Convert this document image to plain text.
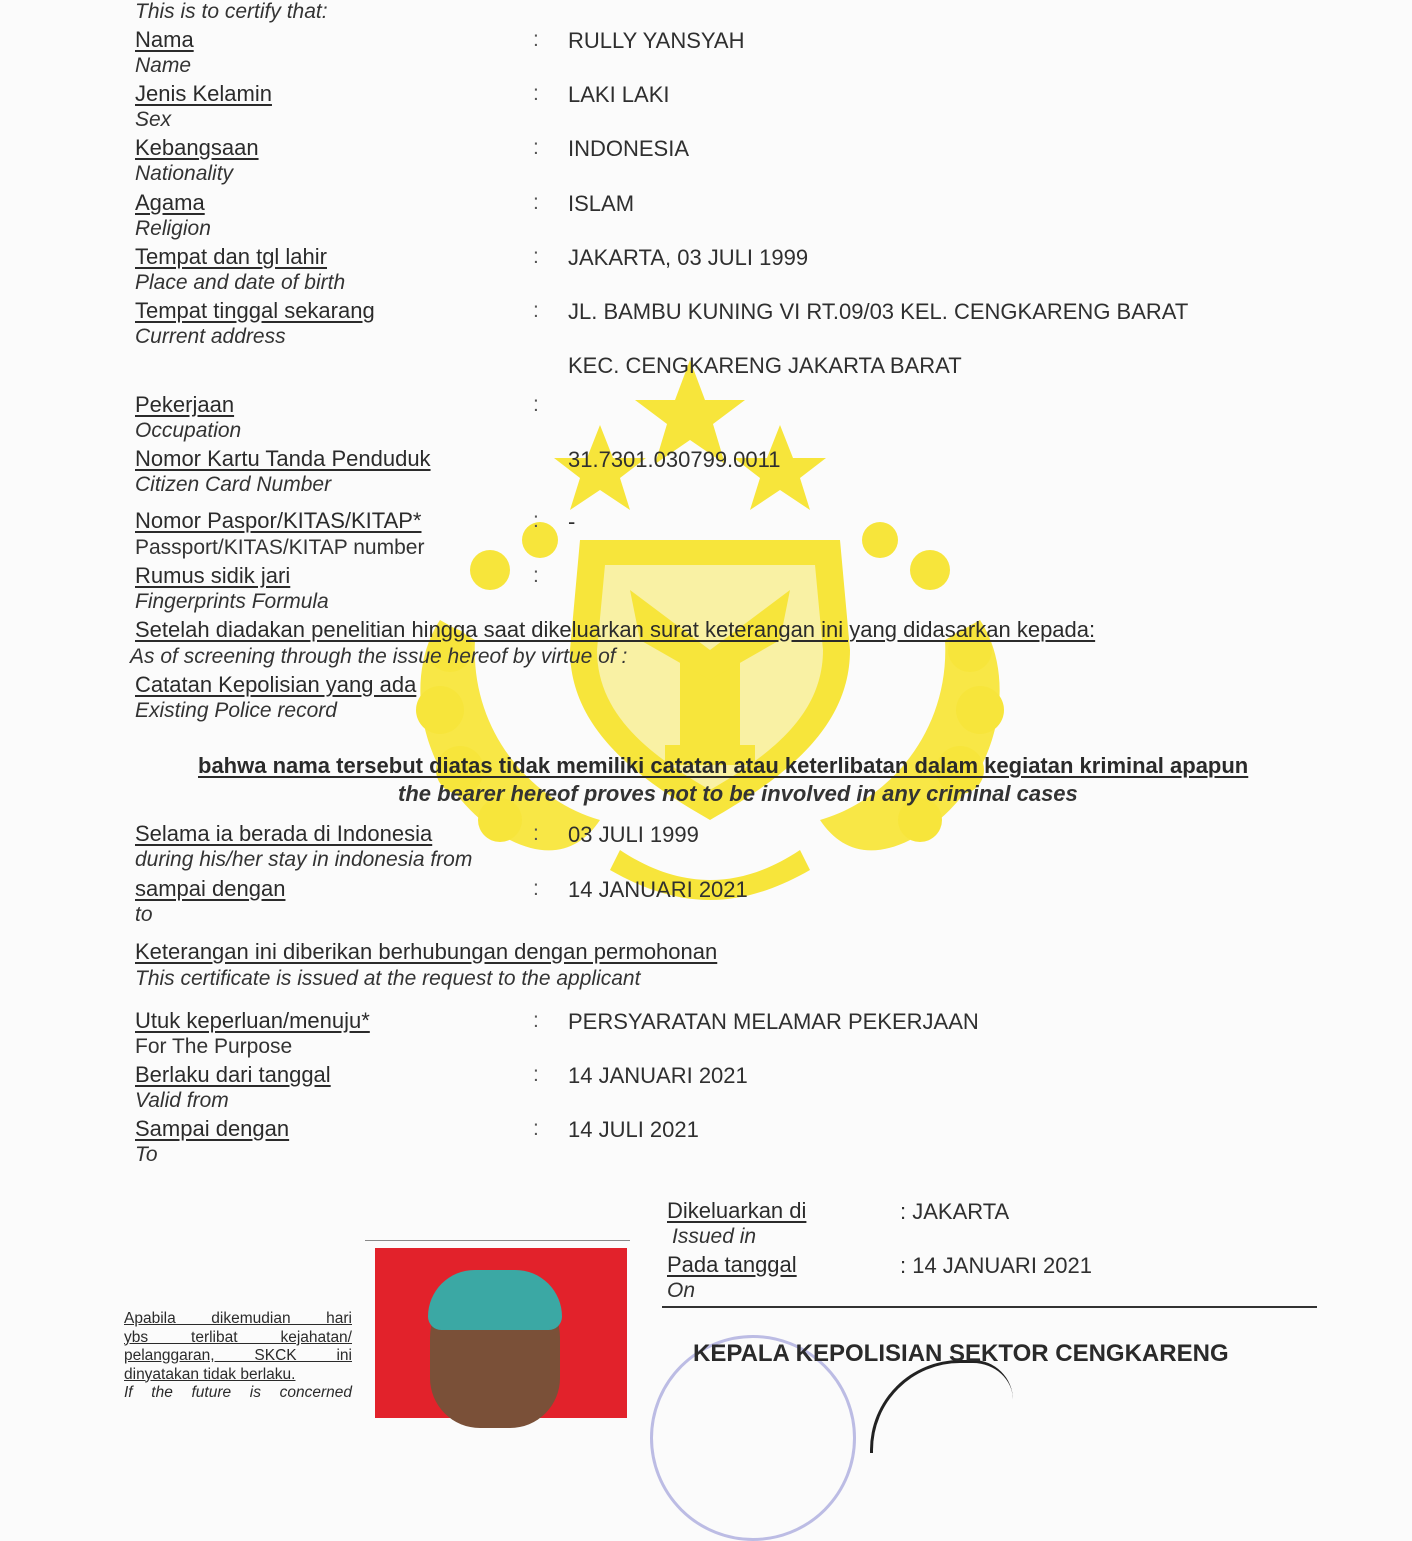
This is to certify that:
Nama
Name
: RULLY YANSYAH
Jenis Kelamin
Sex
: LAKI LAKI
Kebangsaan
Nationality
: INDONESIA
Agama
Religion
: ISLAM
Tempat dan tgl lahir
Place and date of birth
: JAKARTA, 03 JULI 1999
Tempat tinggal sekarang
Current address
: JL. BAMBU KUNING VI RT.09/03 KEL. CENGKARENG BARAT
KEC. CENGKARENG JAKARTA BARAT
Pekerjaan
Occupation
:
Nomor Kartu Tanda Penduduk
Citizen Card Number
31.7301.030799.0011
Nomor Paspor/KITAS/KITAP*
Passport/KITAS/KITAP number
: -
Rumus sidik jari
Fingerprints Formula
:
Setelah diadakan penelitian hingga saat dikeluarkan surat keterangan ini yang didasarkan kepada:
As of screening through the issue hereof by virtue of :
Catatan Kepolisian yang ada
Existing Police record
bahwa nama tersebut diatas tidak memiliki catatan atau keterlibatan dalam kegiatan kriminal apapun
the bearer hereof proves not to be involved in any criminal cases
Selama ia berada di Indonesia
during his/her stay in indonesia from
: 03 JULI 1999
sampai dengan
to
: 14 JANUARI 2021
Keterangan ini diberikan berhubungan dengan permohonan
This certificate is issued at the request to the applicant
Utuk keperluan/menuju*
For The Purpose
: PERSYARATAN MELAMAR PEKERJAAN
Berlaku dari tanggal
Valid from
: 14 JANUARI 2021
Sampai dengan
To
: 14 JULI 2021
Dikeluarkan di
Issued in
: JAKARTA
Pada tanggal
On
: 14 JANUARI 2021
KEPALA KEPOLISIAN SEKTOR CENGKARENG
Apabila dikemudian hari
ybs terlibat kejahatan/
pelanggaran, SKCK ini
dinyatakan tidak berlaku.
If the future is concerned
